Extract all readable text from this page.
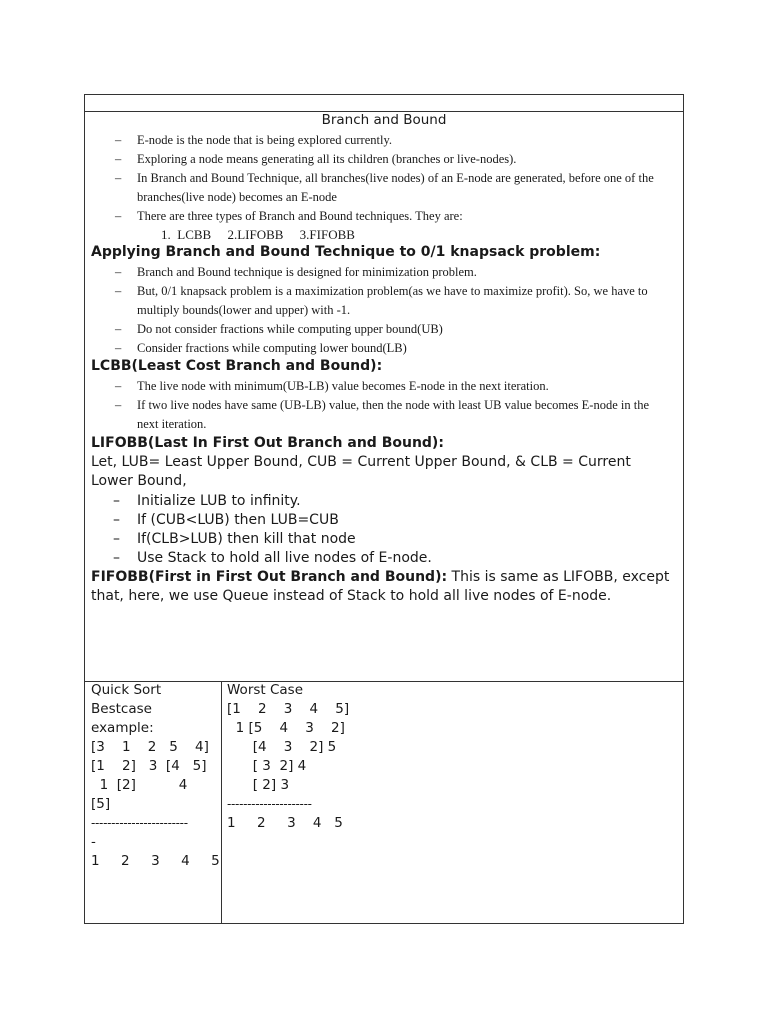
Branch and Bound
– E-node is the node that is being explored currently.
– Exploring a node means generating all its children (branches or live-nodes).
– In Branch and Bound Technique, all branches(live nodes) of an E-node are generated, before one of the branches(live node) becomes an E-node
– There are three types of Branch and Bound techniques. They are:
1.  LCBB     2.LIFOBB     3.FIFOBB
Applying Branch and Bound Technique to 0/1 knapsack problem:
– Branch and Bound technique is designed for minimization problem.
– But, 0/1 knapsack problem is a maximization problem(as we have to maximize profit). So, we have to multiply bounds(lower and upper) with -1.
– Do not consider fractions while computing upper bound(UB)
– Consider fractions while computing lower bound(LB)
LCBB(Least Cost Branch and Bound):
– The live node with minimum(UB-LB) value becomes E-node in the next iteration.
– If two live nodes have same (UB-LB) value, then the node with least UB value becomes E-node in the next iteration.
LIFOBB(Last In First Out Branch and Bound):
Let, LUB= Least Upper Bound, CUB = Current Upper Bound, & CLB = Current Lower Bound,
– Initialize LUB to infinity.
– If (CUB<LUB) then LUB=CUB
– If(CLB>LUB) then kill that node
– Use Stack to hold all live nodes of E-node.
FIFOBB(First in First Out Branch and Bound): This is same as LIFOBB, except that, here, we use Queue instead of Stack to hold all live nodes of E-node.
Quick Sort
Bestcase
example:
[3    1    2   5    4]
[1    2]   3  [4   5]
1  [2]          4
[5]
------------------------
-
1     2     3     4     5
Worst Case
[1    2    3    4    5]
1 [5    4    3    2]
[4    3    2] 5
[ 3  2] 4
[ 2] 3
---------------------
1     2     3    4   5
